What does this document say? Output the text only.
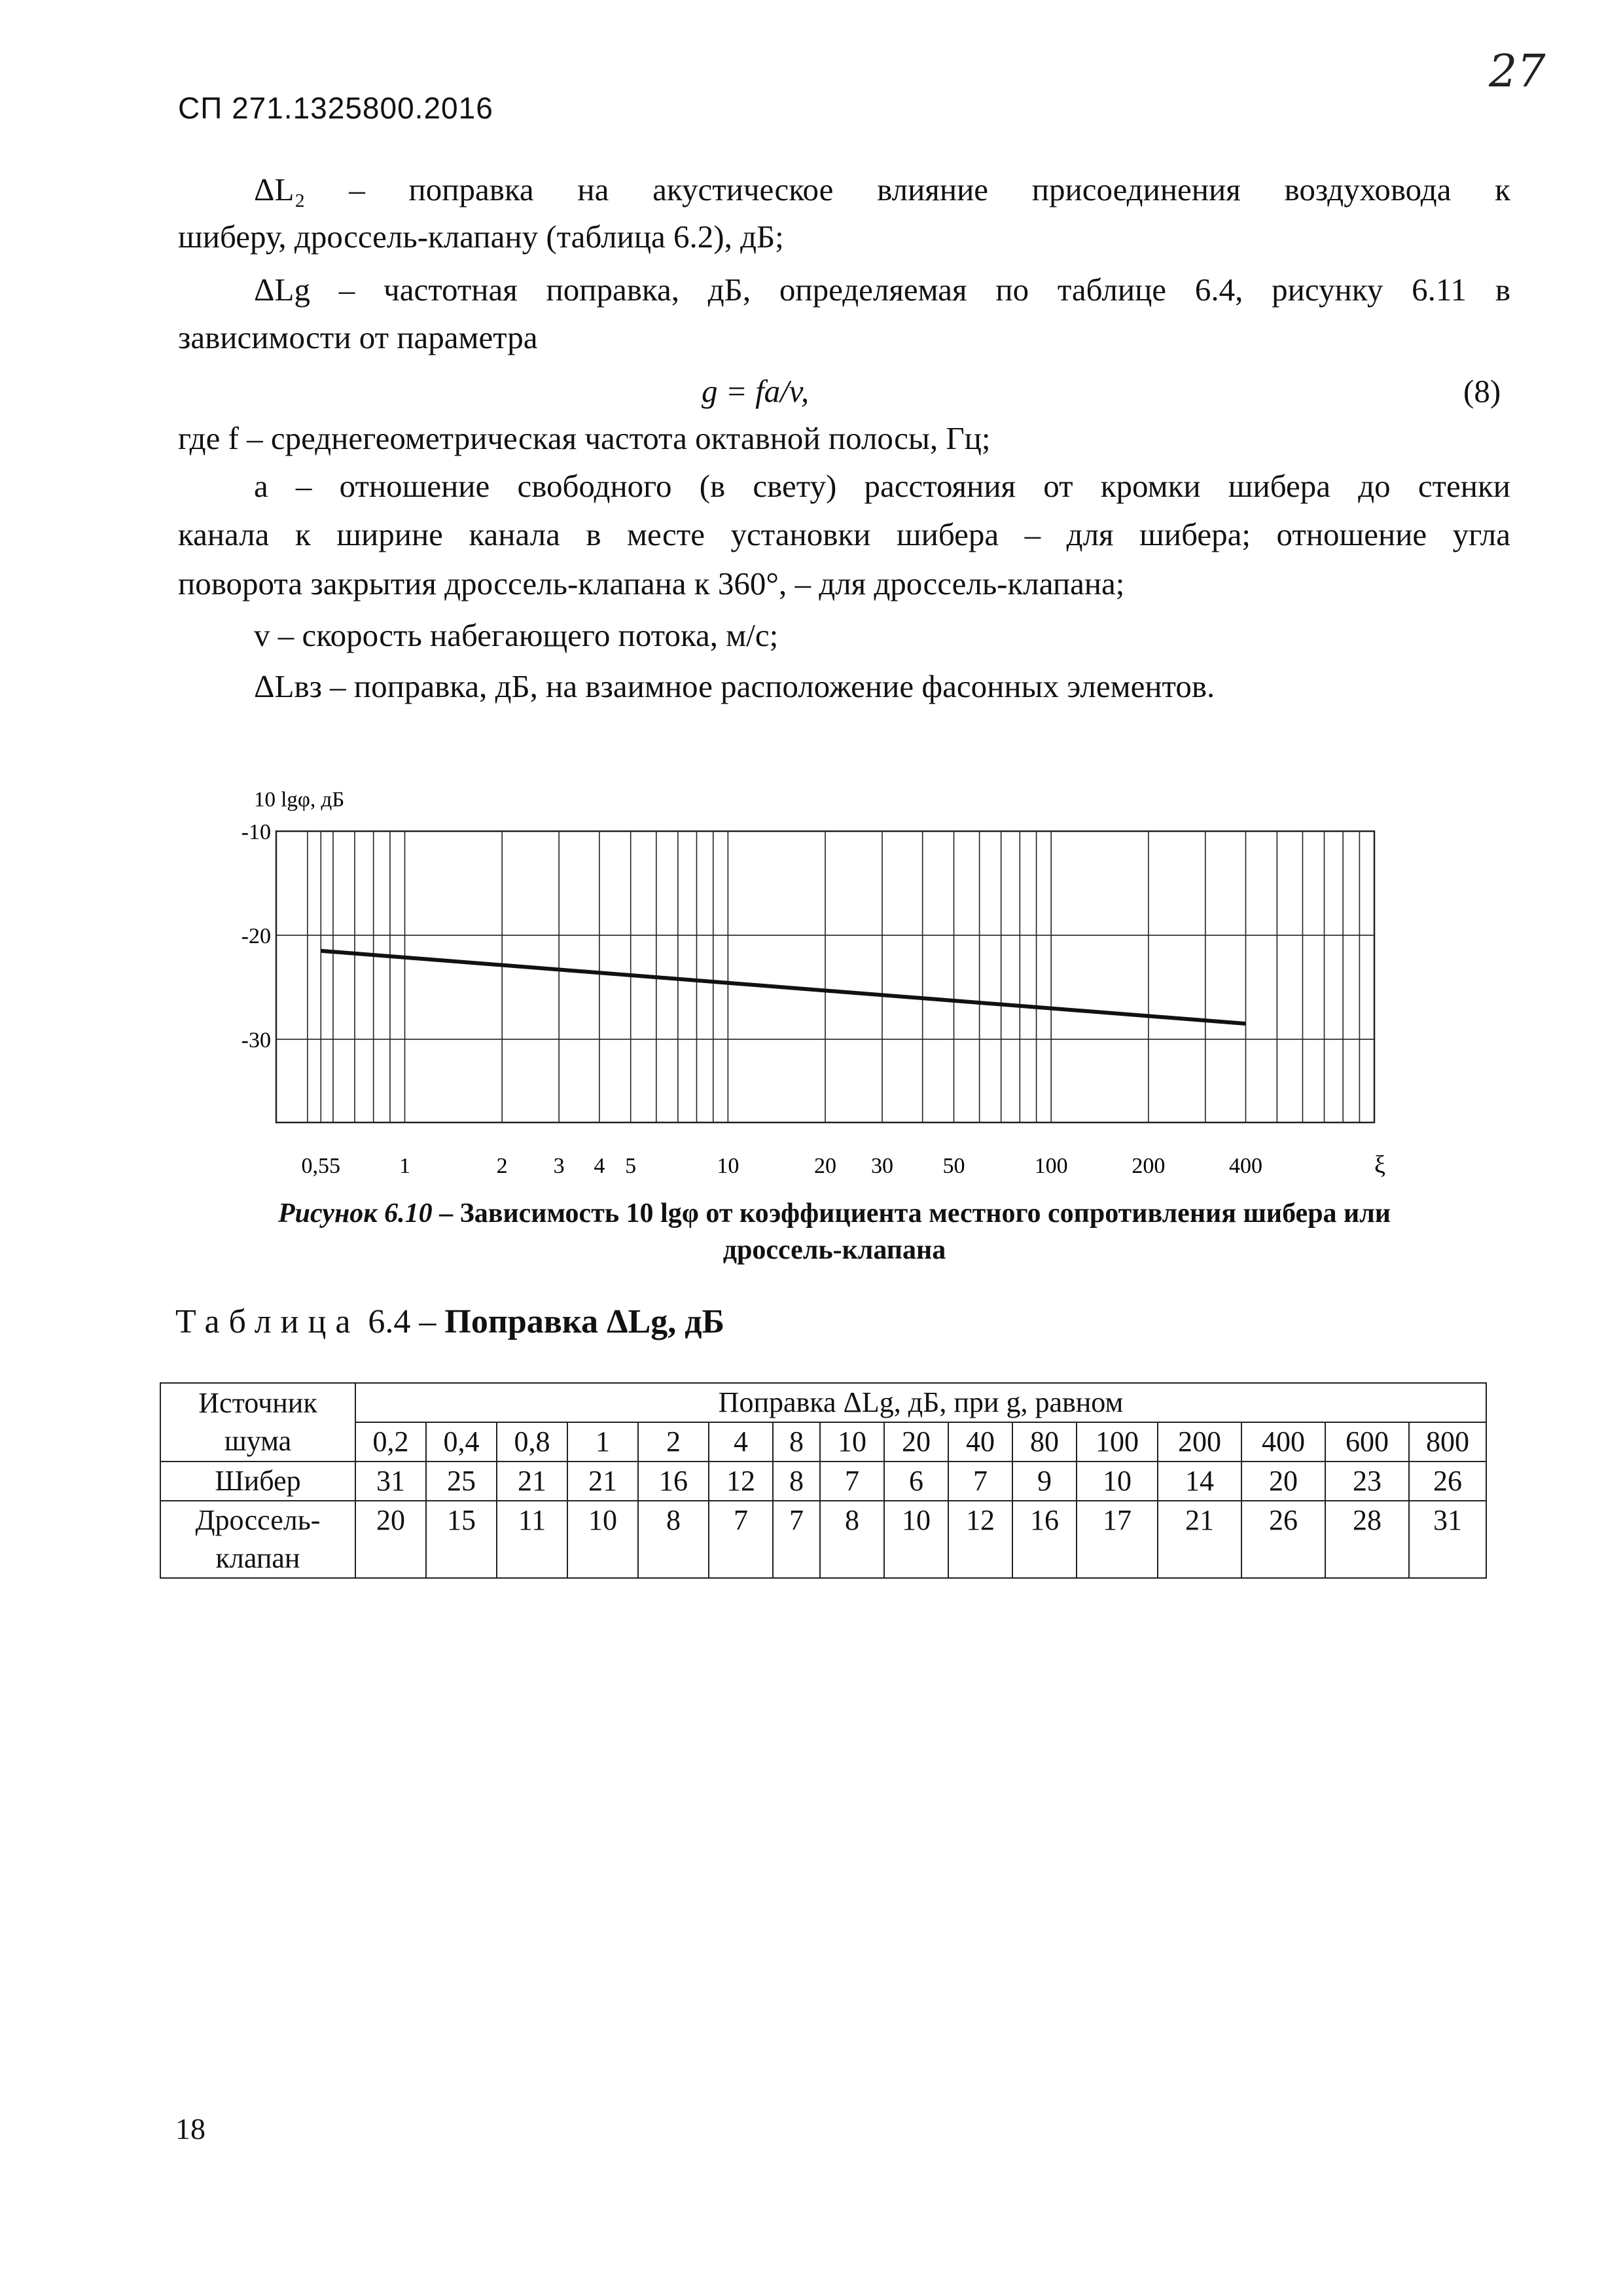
СП 271.1325800.2016
27
ΔL₂ – поправка на акустическое влияние присоединения воздуховода к
шиберу, дроссель-клапану (таблица 6.2), дБ;
ΔLg – частотная поправка, дБ, определяемая по таблице 6.4, рисунку 6.11 в
зависимости от параметра
g = fa/v,	(8)
где f – среднегеометрическая частота октавной полосы, Гц;
a – отношение свободного (в свету) расстояния от кромки шибера до стенки
канала к ширине канала в месте установки шибера – для шибера; отношение угла
поворота закрытия дроссель-клапана к 360°, – для дроссель-клапана;
v – скорость набегающего потока, м/с;
ΔLвз – поправка, дБ, на взаимное расположение фасонных элементов.
10 lgφ, дБ
-10
-20
-30
0,55	1	2 3 4 5	10	20 30 50	100	200	400	ξ
Рисунок 6.10 – Зависимость 10 lgφ от коэффициента местного сопротивления шибера или
дроссель-клапана
Таблица 6.4 – Поправка ΔLg, дБ
Источник
шума	Поправка ΔLg, дБ, при g, равном															
	0,2	0,4	0,8	1	2	4	8	10	20	40	80	100	200	400	600	800
Шибер	31	25	21	21	16	12	8	7	6	7	9	10	14	20	23	26
Дроссель-
клапан	20	15	11	10	8	7	7	8	10	12	16	17	21	26	28	31
18
